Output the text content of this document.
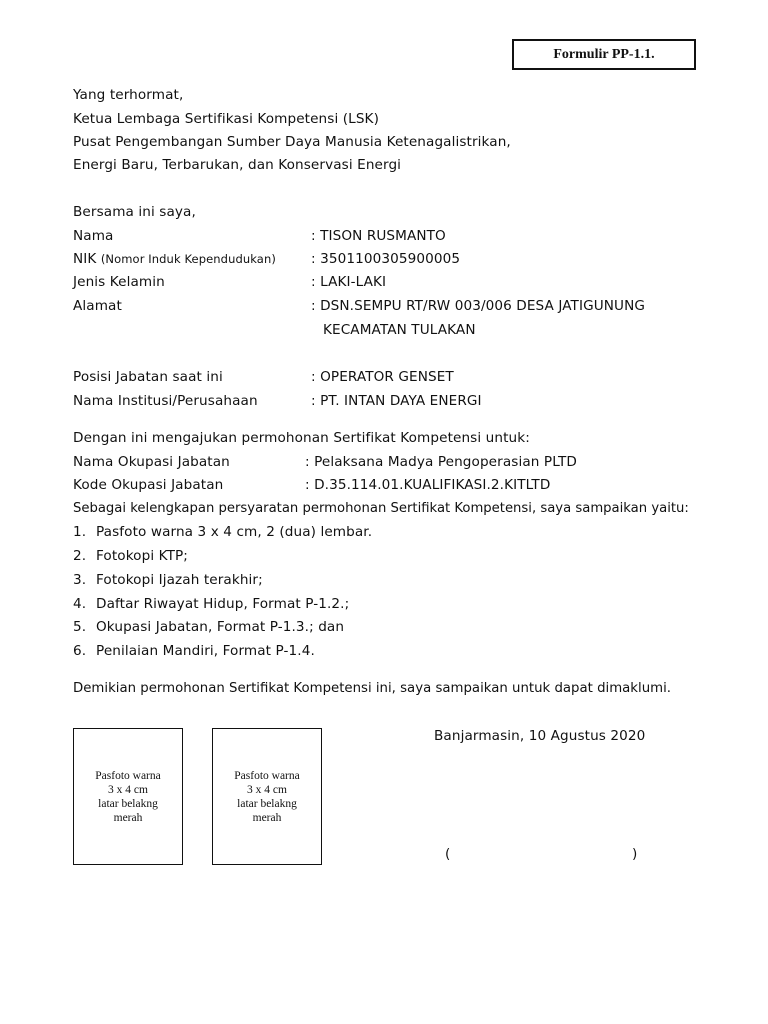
Formulir PP-1.1.
Yang terhormat,
Ketua Lembaga Sertifikasi Kompetensi (LSK)
Pusat Pengembangan Sumber Daya Manusia Ketenagalistrikan,
Energi Baru, Terbarukan, dan Konservasi Energi
Bersama ini saya,
Nama	: TISON RUSMANTO
NIK (Nomor Induk Kependudukan)	: 3501100305900005
Jenis Kelamin	: LAKI-LAKI
Alamat	: DSN.SEMPU RT/RW 003/006 DESA JATIGUNUNG
KECAMATAN TULAKAN
Posisi Jabatan saat ini	: OPERATOR GENSET
Nama Institusi/Perusahaan	: PT. INTAN DAYA ENERGI
Dengan ini mengajukan permohonan Sertifikat Kompetensi untuk:
Nama Okupasi Jabatan	: Pelaksana Madya Pengoperasian PLTD
Kode Okupasi Jabatan	: D.35.114.01.KUALIFIKASI.2.KITLTD
Sebagai kelengkapan persyaratan permohonan Sertifikat Kompetensi, saya sampaikan yaitu:
1. Pasfoto warna 3 x 4 cm, 2 (dua) lembar.
2. Fotokopi KTP;
3. Fotokopi Ijazah terakhir;
4. Daftar Riwayat Hidup, Format P-1.2.;
5. Okupasi Jabatan, Format P-1.3.; dan
6. Penilaian Mandiri, Format P-1.4.
Demikian permohonan Sertifikat Kompetensi ini, saya sampaikan untuk dapat dimaklumi.
Pasfoto warna
3 x 4 cm
latar belakng
merah
Pasfoto warna
3 x 4 cm
latar belakng
merah
Banjarmasin, 10 Agustus 2020
(	)
